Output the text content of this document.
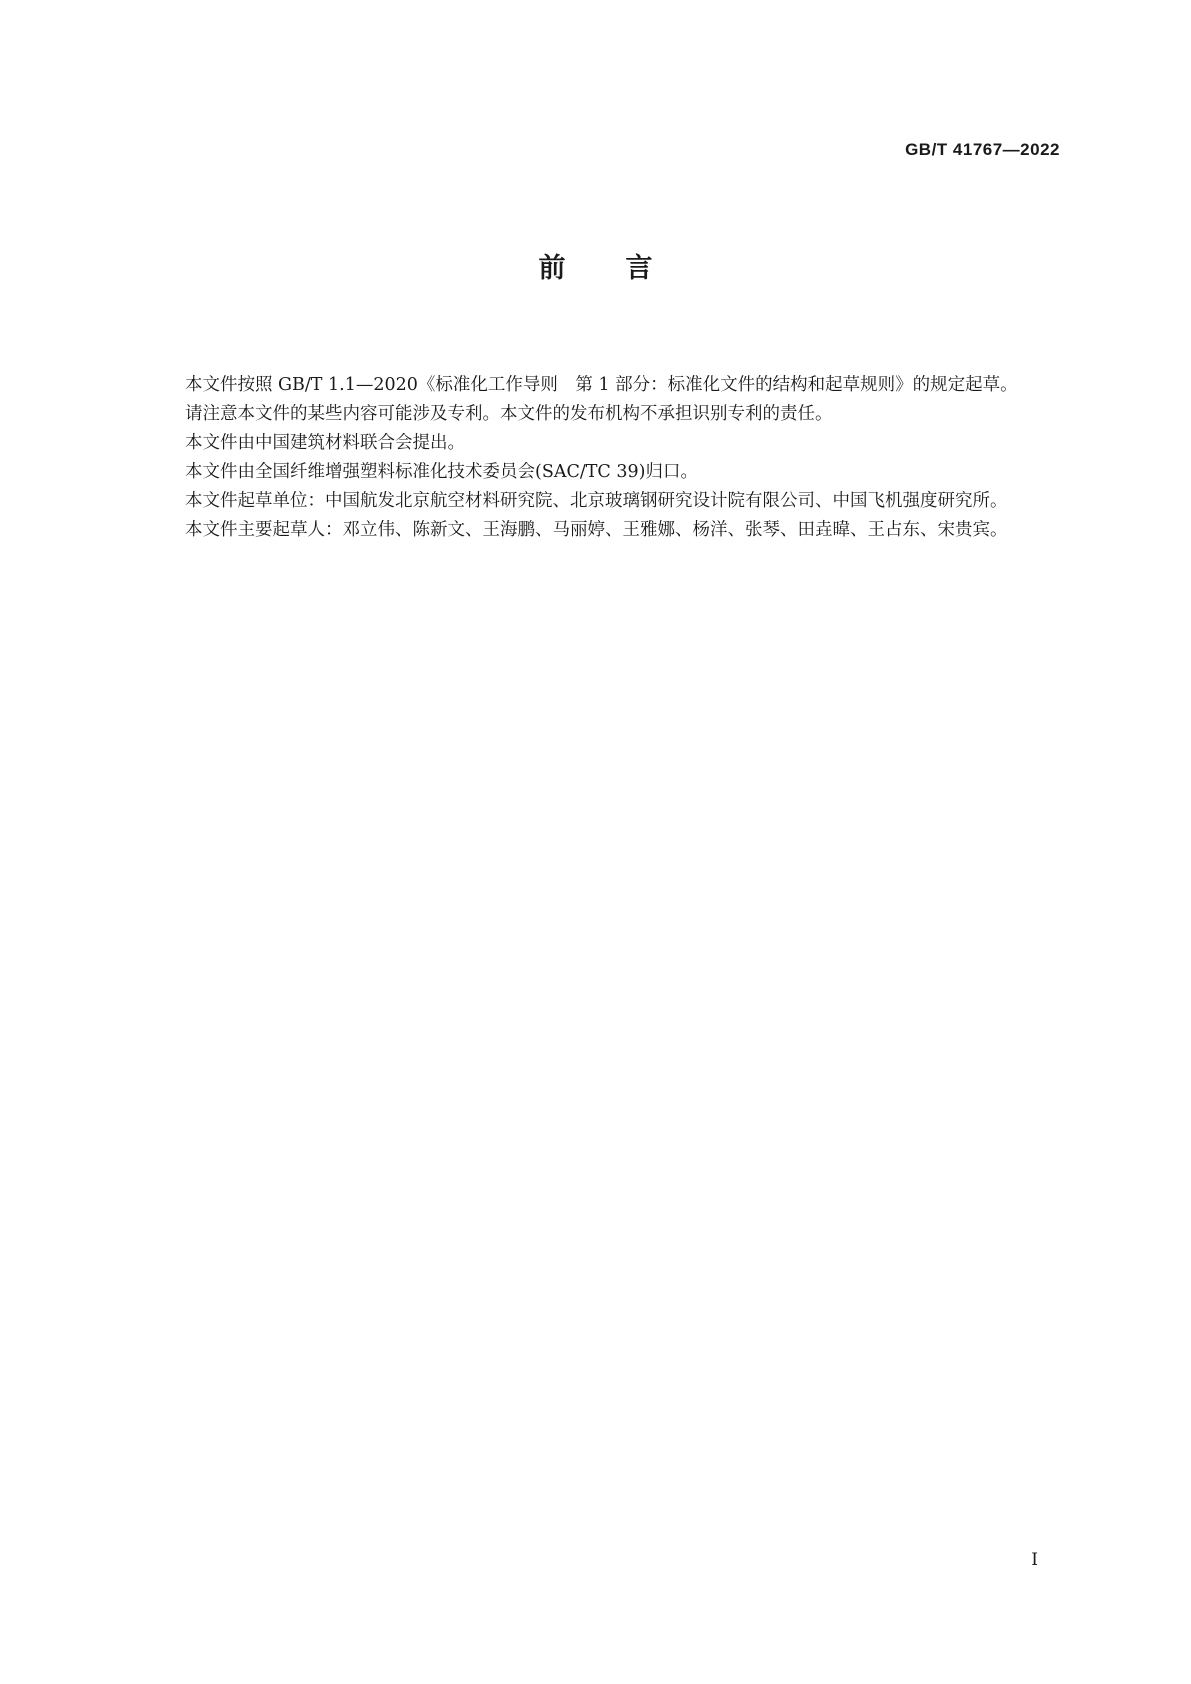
GB/T 41767—2022
前言

本文件按照 GB/T 1.1—2020《标准化工作导则　第 1 部分：标准化文件的结构和起草规则》的规定起草。

请注意本文件的某些内容可能涉及专利。本文件的发布机构不承担识别专利的责任。

本文件由中国建筑材料联合会提出。

本文件由全国纤维增强塑料标准化技术委员会(SAC/TC 39)归口。

本文件起草单位：中国航发北京航空材料研究院、北京玻璃钢研究设计院有限公司、中国飞机强度研究所。

本文件主要起草人：邓立伟、陈新文、王海鹏、马丽婷、王雅娜、杨洋、张琴、田垚暐、王占东、宋贵宾。

I
